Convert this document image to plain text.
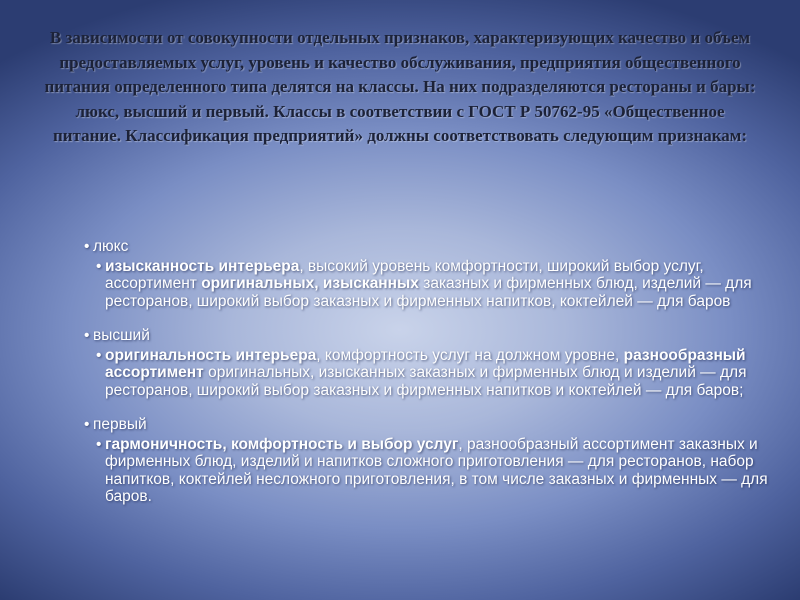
В зависимости от совокупности отдельных признаков, характеризующих качество и объем предоставляемых услуг, уровень и качество обслуживания, предприятия общественного питания определенного типа делятся на классы. На них подразделяются рестораны и бары: люкс, высший и первый. Классы в соответствии с ГОСТ Р 50762-95 «Общественное питание. Классификация предприятий» должны соответствовать следующим признакам:
• люкс
• изысканность интерьера, высокий уровень комфортности, широкий выбор услуг, ассортимент оригинальных, изысканных заказных и фирменных блюд, изделий — для ресторанов, широкий выбор заказных и фирменных напитков, коктейлей — для баров
• высший
• оригинальность интерьера, комфортность услуг на должном уровне, разнообразный ассортимент оригинальных, изысканных заказных и фирменных блюд и изделий — для ресторанов, широкий выбор заказных и фирменных напитков и коктейлей — для баров;
• первый
• гармоничность, комфортность и выбор услуг, разнообразный ассортимент заказных и фирменных блюд, изделий и напитков сложного приготовления — для ресторанов, набор напитков, коктейлей несложного приготовления, в том числе заказных и фирменных — для баров.
